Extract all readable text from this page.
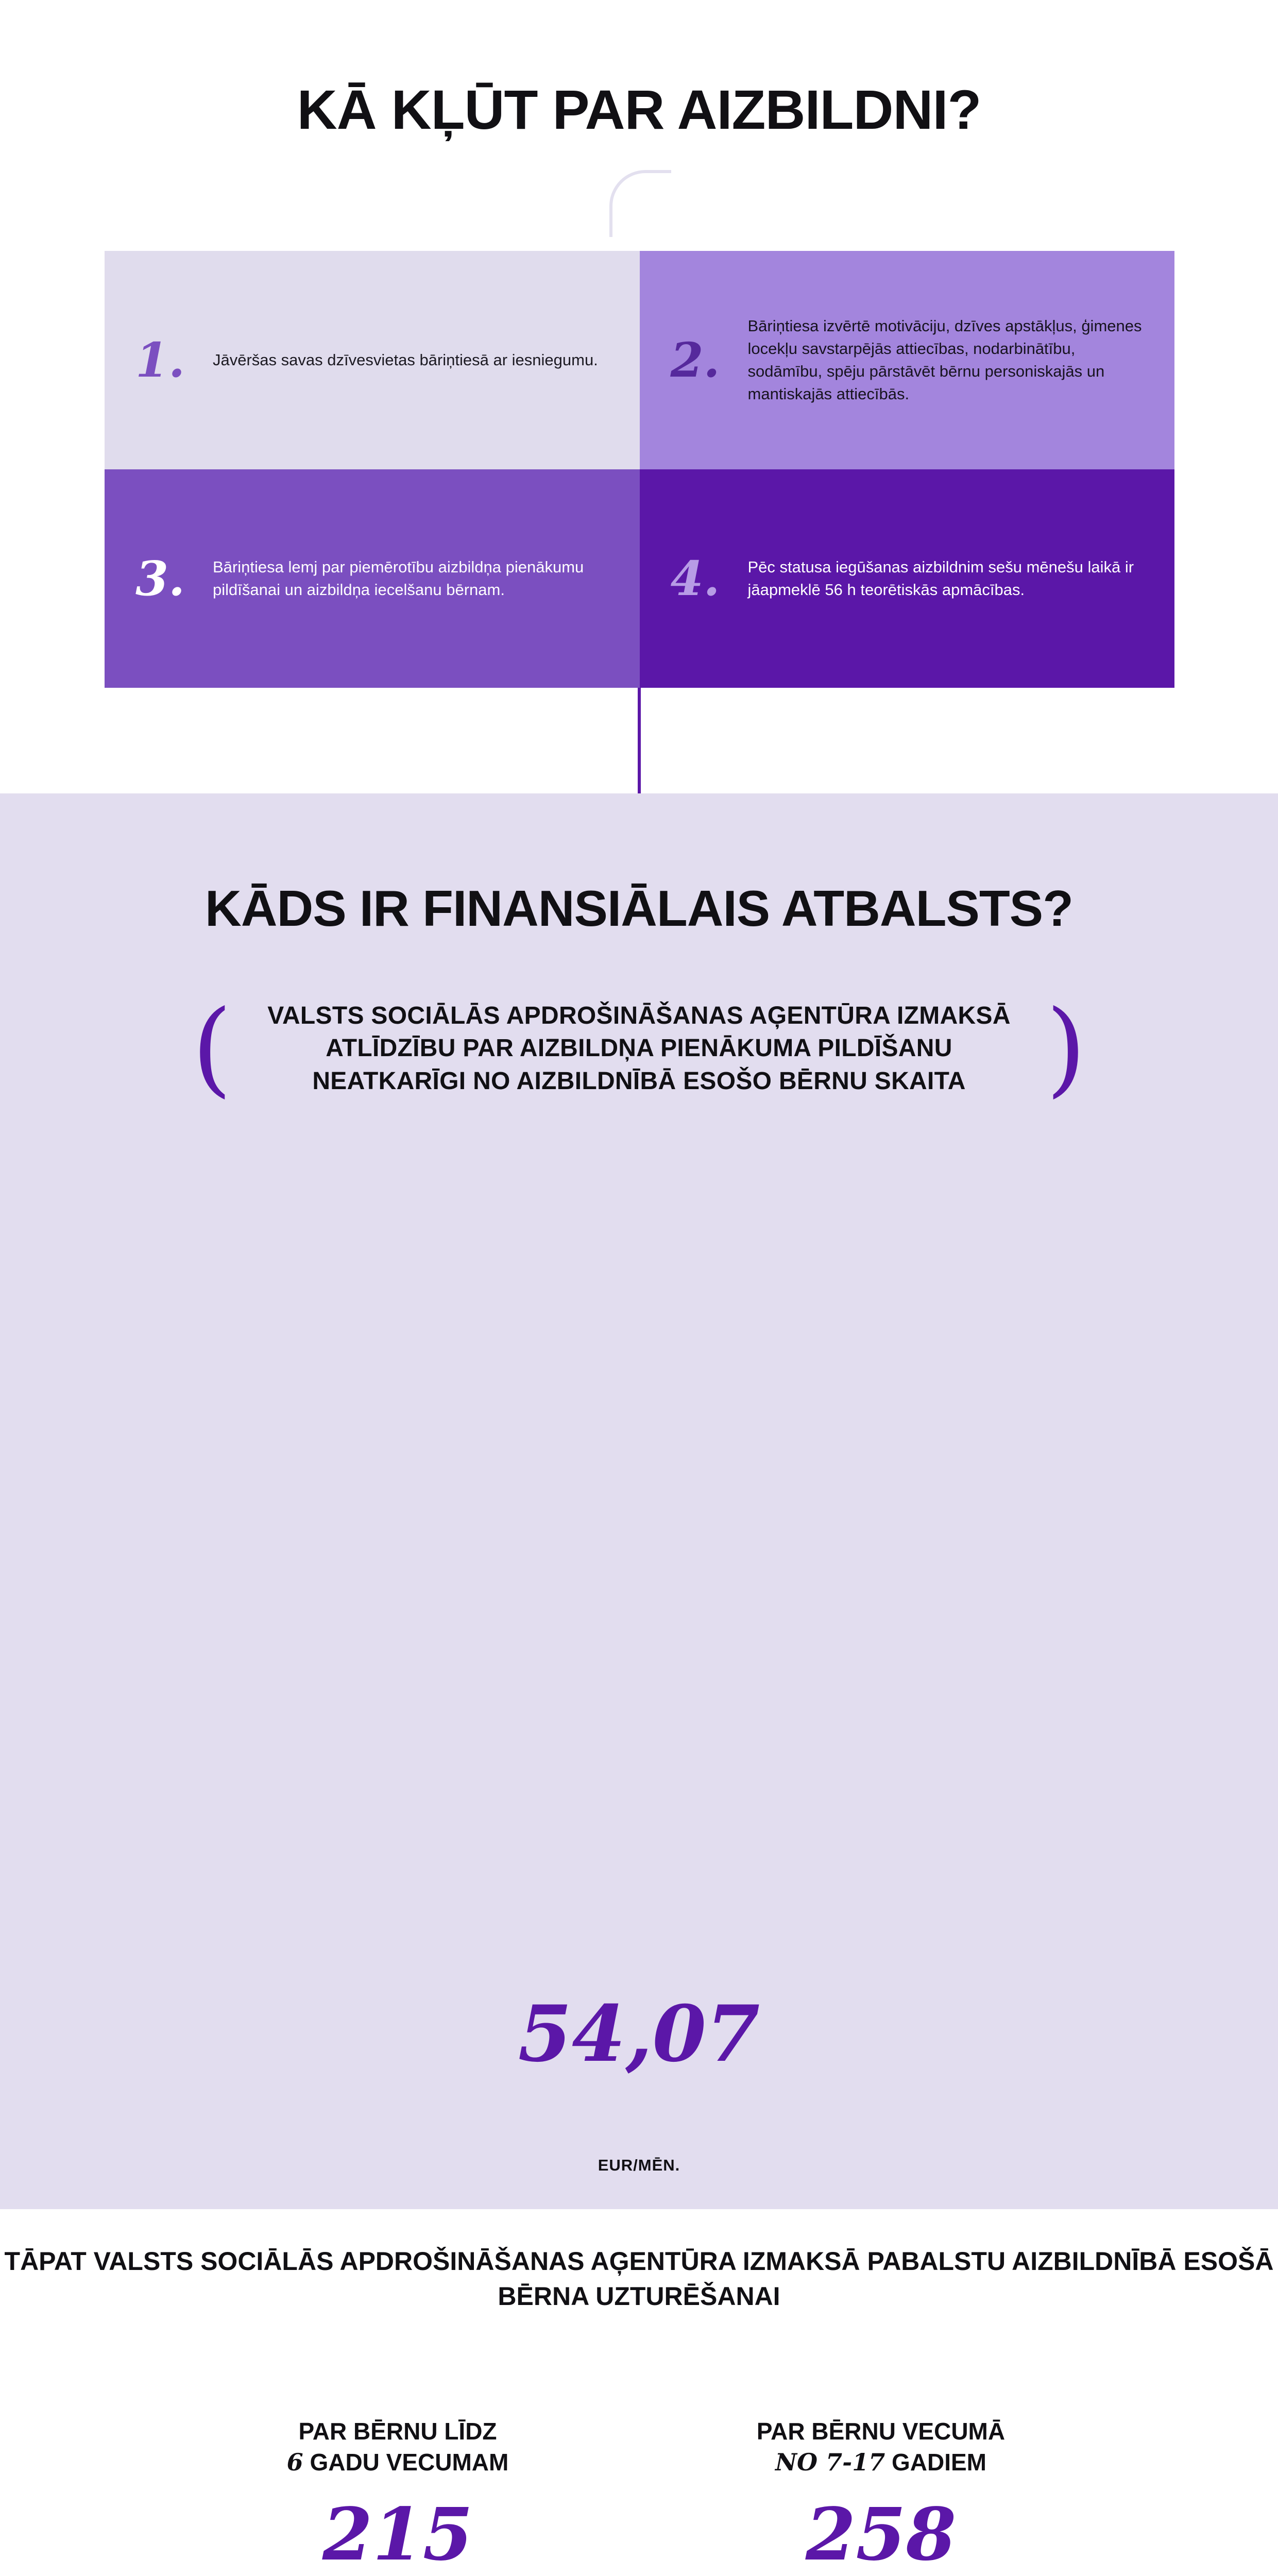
KĀ KĻŪT PAR AIZBILDNI?
1.	Jāvēršas savas dzīvesvietas bāriņtiesā ar iesniegumu. 2.
Bāriņtiesa izvērtē motivāciju, dzīves apstākļus, ģimenes locekļu savstarpējās attiecības, nodarbinātību, sodāmību, spēju pārstāvēt bērnu personiskajās un mantiskajās attiecībās.
3.	Bāriņtiesa lemj par piemērotību aizbildņa pienākumu pildīšanai un aizbildņa iecelšanu bērnam.	4.	Pēc statusa iegūšanas aizbildnim sešu mēnešu laikā ir jāapmeklē 56 h teorētiskās apmācības.
KĀDS IR FINANSIĀLAIS ATBALSTS?
(	VALSTS SOCIĀLĀS APDROŠINĀŠANAS AĢENTŪRA IZMAKSĀ ATLĪDZĪBU PAR AIZBILDŅA PIENĀKUMA PILDĪŠANU NEATKARĪGI NO AIZBILDNĪBĀ ESOŠO BĒRNU SKAITA )
54,07
EUR/MĒN.
TĀPAT VALSTS SOCIĀLĀS APDROŠINĀŠANAS AĢENTŪRA IZMAKSĀ PABALSTU AIZBILDNĪBĀ ESOŠĀ BĒRNA UZTURĒŠANAI
PAR BĒRNU LĪDZ
6 GADU VECUMAM
215
PAR BĒRNU VECUMĀ
NO 7-17 GADIEM
258
